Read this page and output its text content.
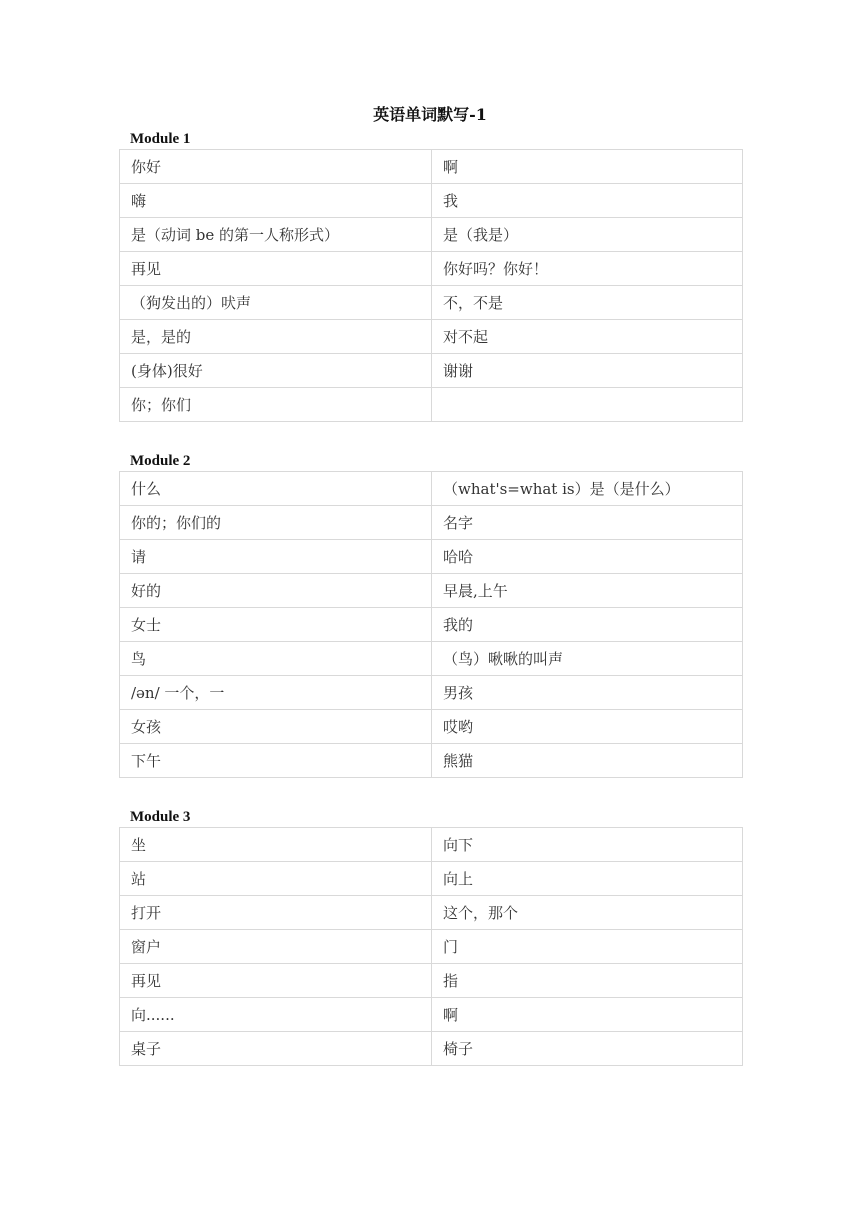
英语单词默写-1
Module 1
你好	啊
嗨	我
是（动词 be 的第一人称形式）	是（我是）
再见	你好吗？你好！
（狗发出的）吠声	不，不是
是，是的	对不起
(身体)很好	谢谢
你；你们	
Module 2
什么	（what's=what is）是（是什么）
你的；你们的	名字
请	哈哈
好的	早晨,上午
女士	我的
鸟	（鸟）啾啾的叫声
/ən/ 一个，一	男孩
女孩	哎哟
下午	熊猫
Module 3
坐	向下
站	向上
打开	这个，那个
窗户	门
再见	指
向......	啊
桌子	椅子
